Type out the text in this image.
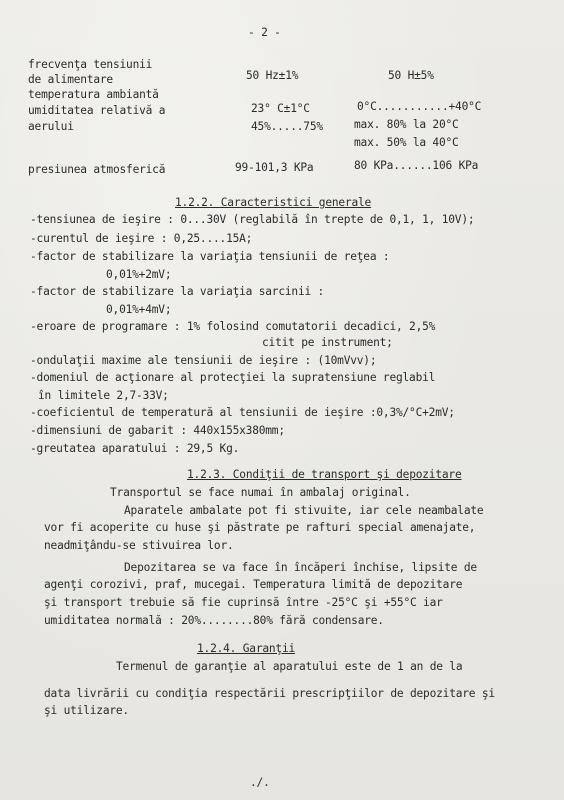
- 2 -
frecvenţa tensiunii
de alimentare	50 Hz±1%	50 H±5%
temperatura ambiantă
umiditatea relativă a	23° C±1°C	0°C...........+40°C
aerului	45%.....75%	max. 80% la 20°C
max. 50% la 40°C
presiunea atmosferică	99-101,3 KPa	80 KPa......106 KPa
1.2.2. Caracteristici generale
-tensiunea de ieşire : 0...30V (reglabilă în trepte de 0,1, 1, 10V);
-curentul de ieşire : 0,25....15A;
-factor de stabilizare la variaţia tensiunii de reţea :
0,01%+2mV;
-factor de stabilizare la variaţia sarcinii :
0,01%+4mV;
-eroare de programare : 1% folosind comutatorii decadici, 2,5%
citit pe instrument;
-ondulaţii maxime ale tensiunii de ieşire : (10mVvv);
-domeniul de acţionare al protecţiei la supratensiune reglabil
în limitele 2,7-33V;
-coeficientul de temperatură al tensiunii de ieşire :0,3%/°C+2mV;
-dimensiuni de gabarit : 440x155x380mm;
-greutatea aparatului : 29,5 Kg.
1.2.3. Condiţii de transport şi depozitare
Transportul se face numai în ambalaj original.
Aparatele ambalate pot fi stivuite, iar cele neambalate
vor fi acoperite cu huse şi păstrate pe rafturi special amenajate,
neadmiţându-se stivuirea lor.
Depozitarea se va face în încăperi închise, lipsite de
agenţi corozivi, praf, mucegai. Temperatura limită de depozitare
şi transport trebuie să fie cuprinsă între -25°C şi +55°C iar
umiditatea normală : 20%........80% fără condensare.
1.2.4. Garanţii
Termenul de garanţie al aparatului este de 1 an de la
data livrării cu condiţia respectării prescripţiilor de depozitare şi
şi utilizare.
./.
